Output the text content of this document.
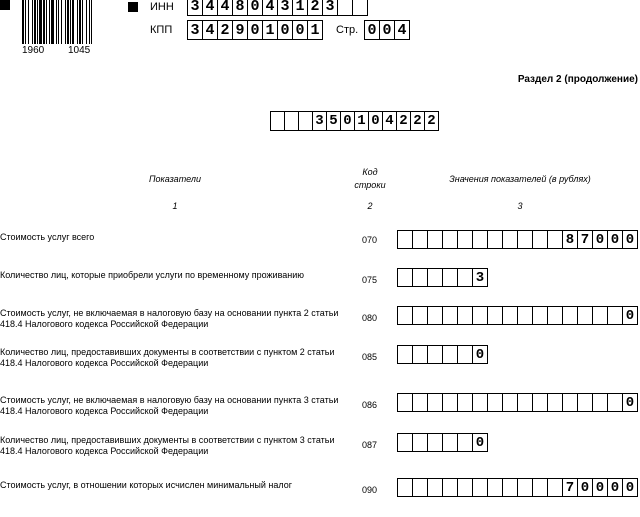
1960 1045
ИНН 3 4 4 8 0 4 3 1 2 3
КПП 3 4 2 9 0 1 0 0 1	Стр. 0 0 4
Раздел 2 (продолжение)
3 5 0 1 0 4 2 2 2
Показатели
Код
строки
Значения показателей (в рублях)
1	2	3
Стоимость услуг всего	070	8 7 0 0 0
Количество лиц, которые приобрели услуги по временному проживанию	075	3
Стоимость услуг, не включаемая в налоговую базу на основании пункта 2 статьи 418.4 Налогового кодекса Российской Федерации
080	0
Количество лиц, предоставивших документы в соответствии с пунктом 2 статьи 418.4 Налогового кодекса Российской Федерации
085	0
Стоимость услуг, не включаемая в налоговую базу на основании пункта 3 статьи 418.4 Налогового кодекса Российской Федерации
086	0
Количество лиц, предоставивших документы в соответствии с пунктом 3 статьи 418.4 Налогового кодекса Российской Федерации
087	0
Стоимость услуг, в отношении которых исчислен минимальный налог	090	7 0 0 0 0
